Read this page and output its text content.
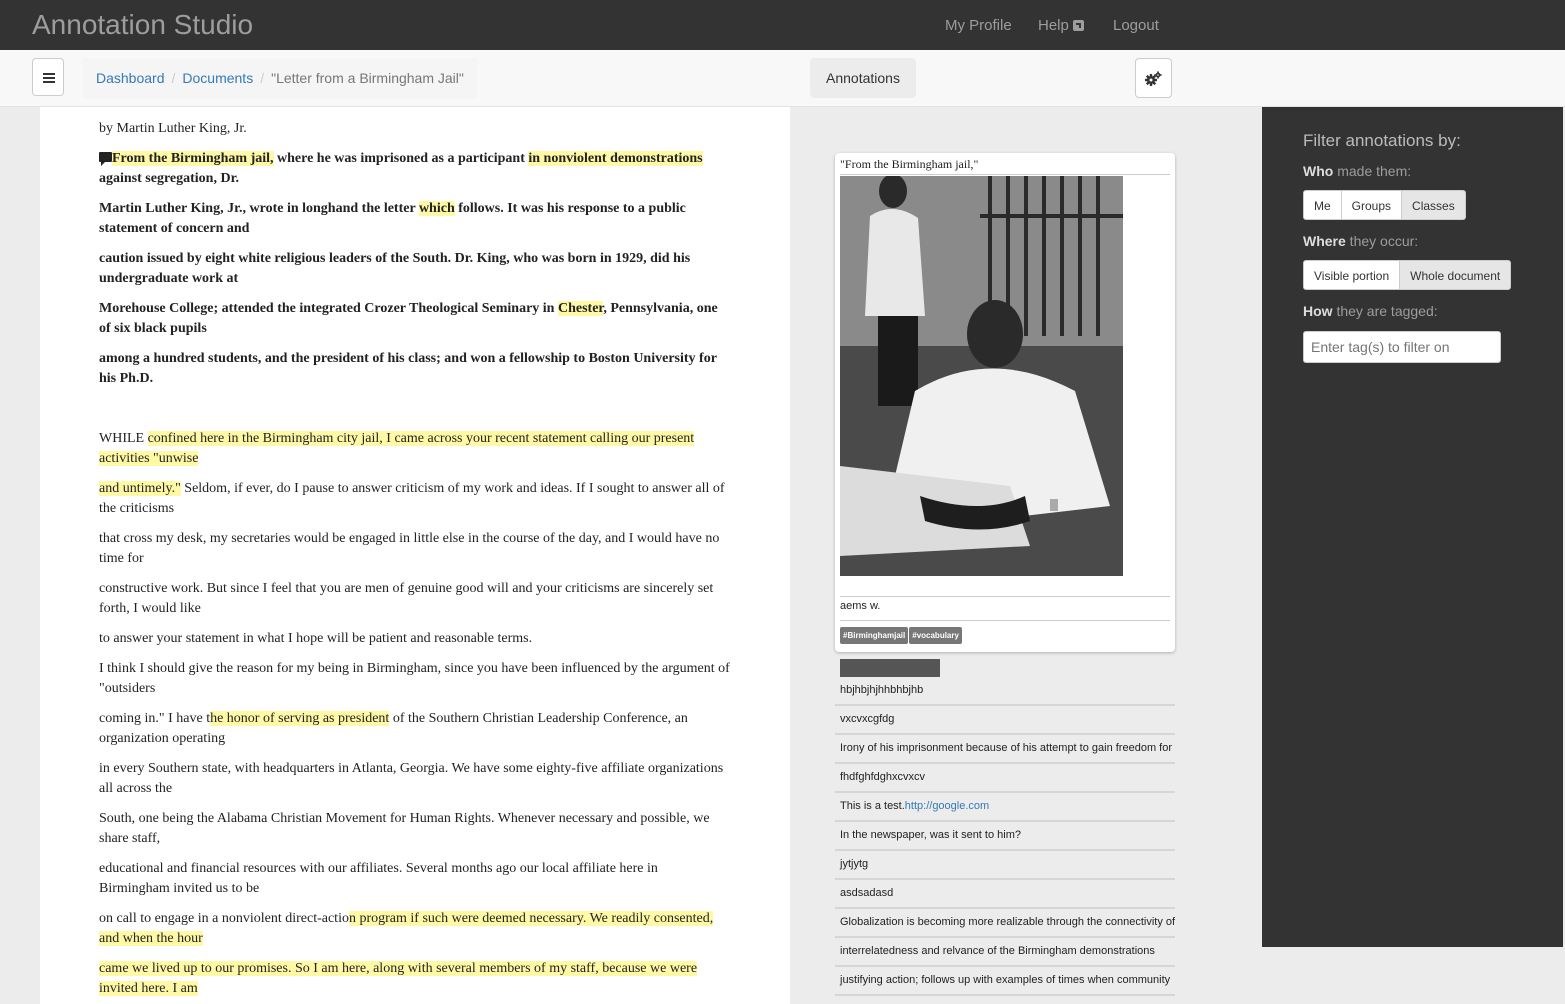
Annotation Studio	My Profile Help	Logout
Dashboard / Documents / "Letter from a Birmingham Jail"	Annotations

by Martin Luther King, Jr.

From the Birmingham jail, where he was imprisoned as a participant in nonviolent demonstrations against segregation, Dr.

Martin Luther King, Jr., wrote in longhand the letter which follows. It was his response to a public statement of concern and

caution issued by eight white religious leaders of the South. Dr. King, who was born in 1929, did his undergraduate work at

Morehouse College; attended the integrated Crozer Theological Seminary in Chester, Pennsylvania, one of six black pupils

among a hundred students, and the president of his class; and won a fellowship to Boston University for his Ph.D.

WHILE confined here in the Birmingham city jail, I came across your recent statement calling our present activities "unwise

and untimely." Seldom, if ever, do I pause to answer criticism of my work and ideas. If I sought to answer all of the criticisms

that cross my desk, my secretaries would be engaged in little else in the course of the day, and I would have no time for

constructive work. But since I feel that you are men of genuine good will and your criticisms are sincerely set forth, I would like

to answer your statement in what I hope will be patient and reasonable terms.

I think I should give the reason for my being in Birmingham, since you have been influenced by the argument of "outsiders

coming in." I have the honor of serving as president of the Southern Christian Leadership Conference, an organization operating

in every Southern state, with headquarters in Atlanta, Georgia. We have some eighty-five affiliate organizations all across the

South, one being the Alabama Christian Movement for Human Rights. Whenever necessary and possible, we share staff,

educational and financial resources with our affiliates. Several months ago our local affiliate here in Birmingham invited us to be

on call to engage in a nonviolent direct-action program if such were deemed necessary. We readily consented, and when the hour

came we lived up to our promises. So I am here, along with several members of my staff, because we were invited here. I am

"From the Birmingham jail,"
aems w.
#Birminghamjail #vocabulary
hbjhbjhjhhbhbjhb
vxcvxcgfdg
Irony of his imprisonment because of his attempt to gain freedom for
fhdfghfdghxcvxcv
This is a test.http://google.com
In the newspaper, was it sent to him?
jytjytg
asdsadasd
Globalization is becoming more realizable through the connectivity of
interrelatedness and relvance of the Birmingham demonstrations
justifying action; follows up with examples of times when community
Filter annotations by:
Who made them:
Me	Groups	Classes
Where they occur:
Visible portion	Whole document
How they are tagged:
Enter tag(s) to filter on
